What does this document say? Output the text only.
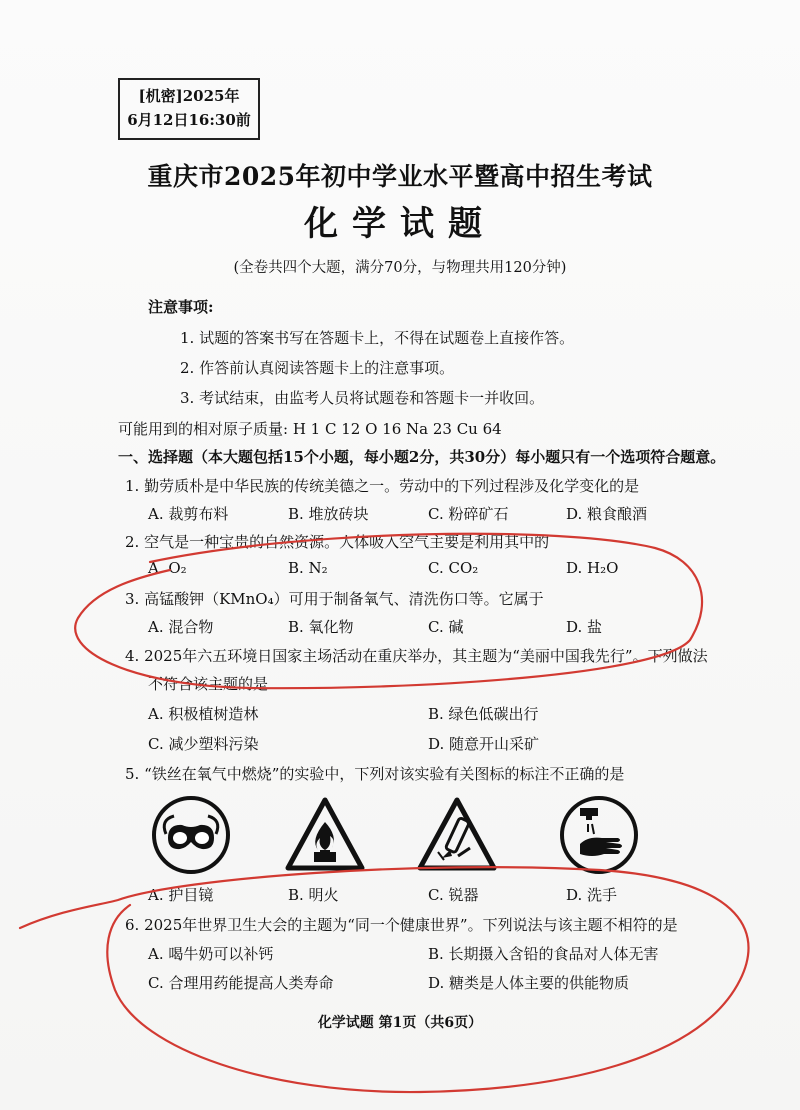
[机密]2025年
6月12日16:30前
重庆市2025年初中学业水平暨高中招生考试
化学试题
(全卷共四个大题，满分70分，与物理共用120分钟)
注意事项:
1. 试题的答案书写在答题卡上，不得在试题卷上直接作答。
2. 作答前认真阅读答题卡上的注意事项。
3. 考试结束，由监考人员将试题卷和答题卡一并收回。
可能用到的相对原子质量: H 1 C 12 O 16 Na 23 Cu 64
一、选择题（本大题包括15个小题，每小题2分，共30分）每小题只有一个选项符合题意。
1. 勤劳质朴是中华民族的传统美德之一。劳动中的下列过程涉及化学变化的是
A. 裁剪布料	B. 堆放砖块	C. 粉碎矿石	D. 粮食酿酒
2. 空气是一种宝贵的自然资源。人体吸入空气主要是利用其中的
A. O₂	B. N₂	C. CO₂	D. H₂O
3. 高锰酸钾（KMnO₄）可用于制备氧气、清洗伤口等。它属于
A. 混合物	B. 氧化物	C. 碱	D. 盐
4. 2025年六五环境日国家主场活动在重庆举办，其主题为“美丽中国我先行”。下列做法
不符合该主题的是
A. 积极植树造林	B. 绿色低碳出行
C. 减少塑料污染	D. 随意开山采矿
5. “铁丝在氧气中燃烧”的实验中，下列对该实验有关图标的标注不正确的是
A. 护目镜	B. 明火	C. 锐器	D. 洗手
6. 2025年世界卫生大会的主题为“同一个健康世界”。下列说法与该主题不相符的是
A. 喝牛奶可以补钙	B. 长期摄入含铅的食品对人体无害
C. 合理用药能提高人类寿命	D. 糖类是人体主要的供能物质
化学试题 第1页（共6页）
